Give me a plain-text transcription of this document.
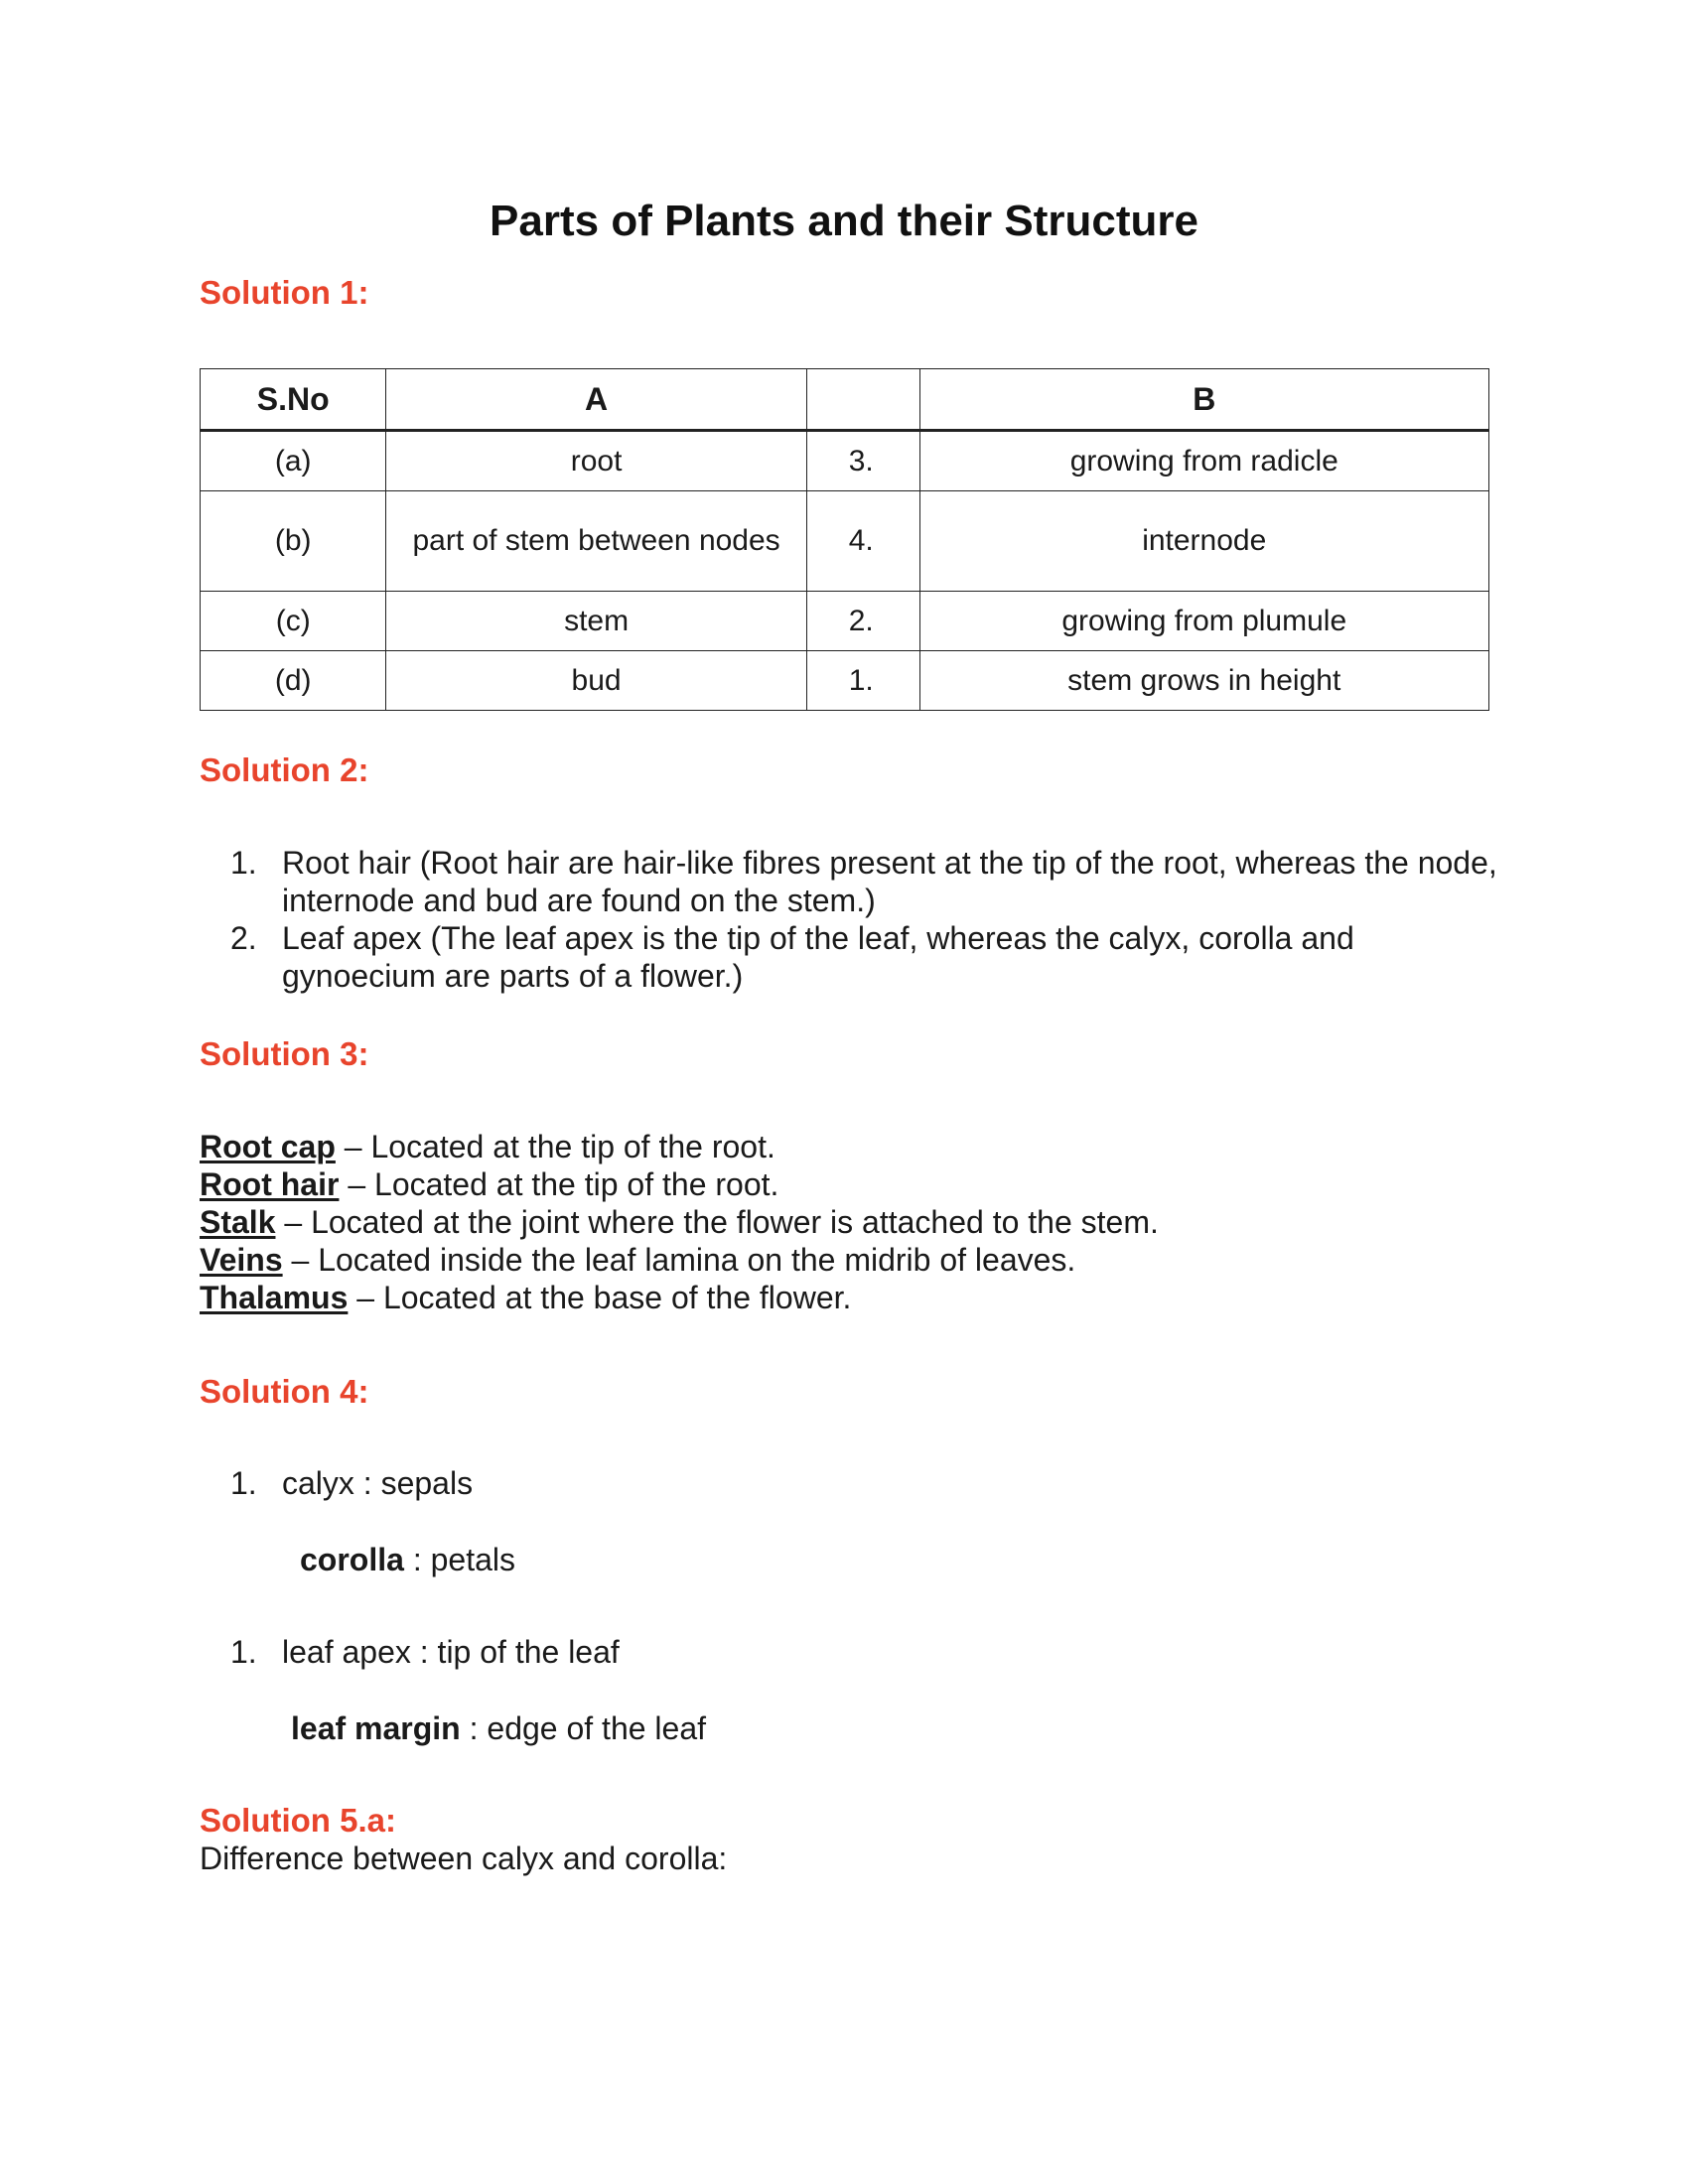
Parts of Plants and their Structure
Solution 1:
S.No	A		B
(a)	root	3.	growing from radicle
(b)	part of stem between nodes	4.	internode
(c)	stem	2.	growing from plumule
(d)	bud	1.	stem grows in height
Solution 2:
1. Root hair (Root hair are hair-like fibres present at the tip of the root, whereas the node, internode and bud are found on the stem.)
2. Leaf apex (The leaf apex is the tip of the leaf, whereas the calyx, corolla and gynoecium are parts of a flower.)
Solution 3:

Root cap – Located at the tip of the root.

Root hair – Located at the tip of the root.

Stalk – Located at the joint where the flower is attached to the stem.

Veins – Located inside the leaf lamina on the midrib of leaves.

Thalamus – Located at the base of the flower.

Solution 4:
1. calyx : sepals
corolla : petals
1. leaf apex : tip of the leaf
leaf margin : edge of the leaf
Solution 5.a:
Difference between calyx and corolla:
